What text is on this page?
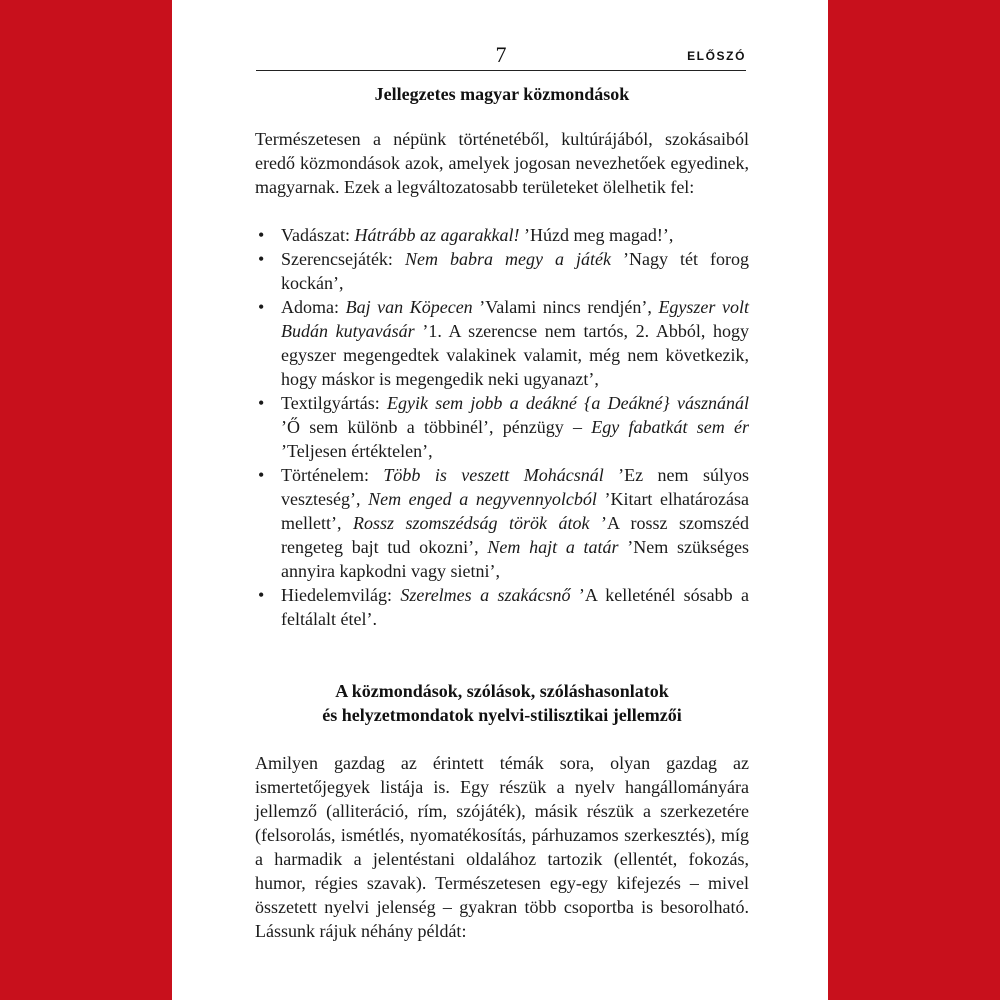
7	ELŐSZÓ
Jellegzetes magyar közmondások

Természetesen a népünk történetéből, kultúrájából, szokásaiból eredő közmondások azok, amelyek jogosan nevezhetőek egyedinek, magyarnak. Ezek a legváltozatosabb területeket ölelhetik fel:

• Vadászat: Hátrább az agarakkal! ’Húzd meg magad!’,
• Szerencsejáték: Nem babra megy a játék ’Nagy tét forog kockán’,
• Adoma: Baj van Köpecen ’Valami nincs rendjén’, Egyszer volt Budán kutyavásár ’1. A szerencse nem tartós, 2. Abból, hogy egyszer megengedtek valakinek valamit, még nem következik, hogy máskor is megengedik neki ugyanazt’,
• Textilgyártás: Egyik sem jobb a deákné {a Deákné} vásznánál ’Ő sem különb a többinél’, pénzügy – Egy fabatkát sem ér ’Teljesen értéktelen’,
• Történelem: Több is veszett Mohácsnál ’Ez nem súlyos veszteség’, Nem enged a negyvennyolcból ’Kitart elhatározása mellett’, Rossz szomszédság török átok ’A rossz szomszéd rengeteg bajt tud okozni’, Nem hajt a tatár ’Nem szükséges annyira kapkodni vagy sietni’,
• Hiedelemvilág: Szerelmes a szakácsnő ’A kelleténél sósabb a feltálalt étel’.
A közmondások, szólások, szóláshasonlatok
és helyzetmondatok nyelvi-stilisztikai jellemzői

Amilyen gazdag az érintett témák sora, olyan gazdag az ismertetőjegyek listája is. Egy részük a nyelv hangállományára jellemző (alliteráció, rím, szójáték), másik részük a szerkezetére (felsorolás, ismétlés, nyomatékosítás, párhuzamos szerkesztés), míg a harmadik a jelentéstani oldalához tartozik (ellentét, fokozás, humor, régies szavak). Természetesen egy-egy kifejezés – mivel összetett nyelvi jelenség – gyakran több csoportba is besorolható. Lássunk rájuk néhány példát:
